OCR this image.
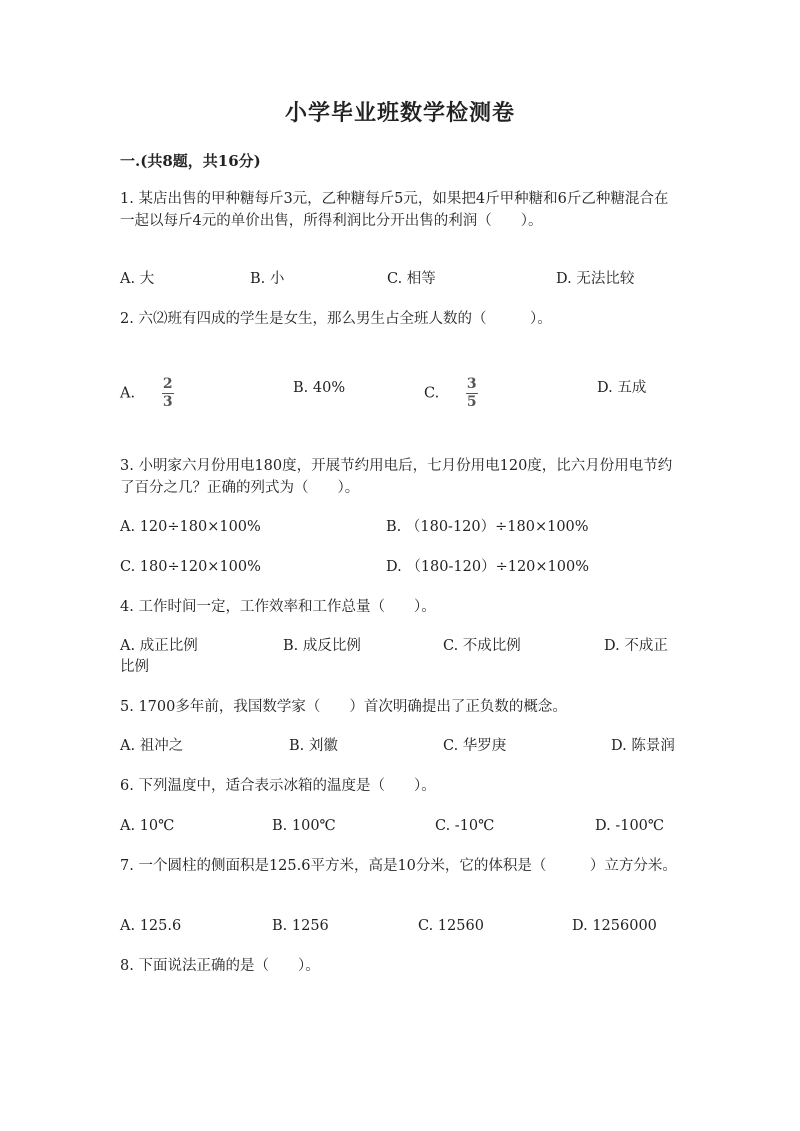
小学毕业班数学检测卷
一.(共8题，共16分)
1. 某店出售的甲种糖每斤3元，乙种糖每斤5元，如果把4斤甲种糖和6斤乙种糖混合在一起以每斤4元的单价出售，所得利润比分开出售的利润（　　）。
A. 大	B. 小	C. 相等	D. 无法比较
2. 六⑵班有四成的学生是女生，那么男生占全班人数的（　　　）。
A. $\frac{2}{3}$	B. 40%	C. $\frac{3}{5}$	D. 五成
3. 小明家六月份用电180度，开展节约用电后，七月份用电120度，比六月份用电节约了百分之几？正确的列式为（　　）。
A. 120÷180×100%	B. （180-120）÷180×100%
C. 180÷120×100%	D. （180-120）÷120×100%
4. 工作时间一定，工作效率和工作总量（　　）。
A. 成正比例	B. 成反比例	C. 不成比例	D. 不成正
比例
5. 1700多年前，我国数学家（　　）首次明确提出了正负数的概念。
A. 祖冲之	B. 刘徽	C. 华罗庚	D. 陈景润
6. 下列温度中，适合表示冰箱的温度是（　　）。
A. 10℃	B. 100℃	C. -10℃	D. -100℃
7. 一个圆柱的侧面积是125.6平方米，高是10分米，它的体积是（　　　）立方分米。
A. 125.6	B. 1256	C. 12560	D. 1256000
8. 下面说法正确的是（　　）。
